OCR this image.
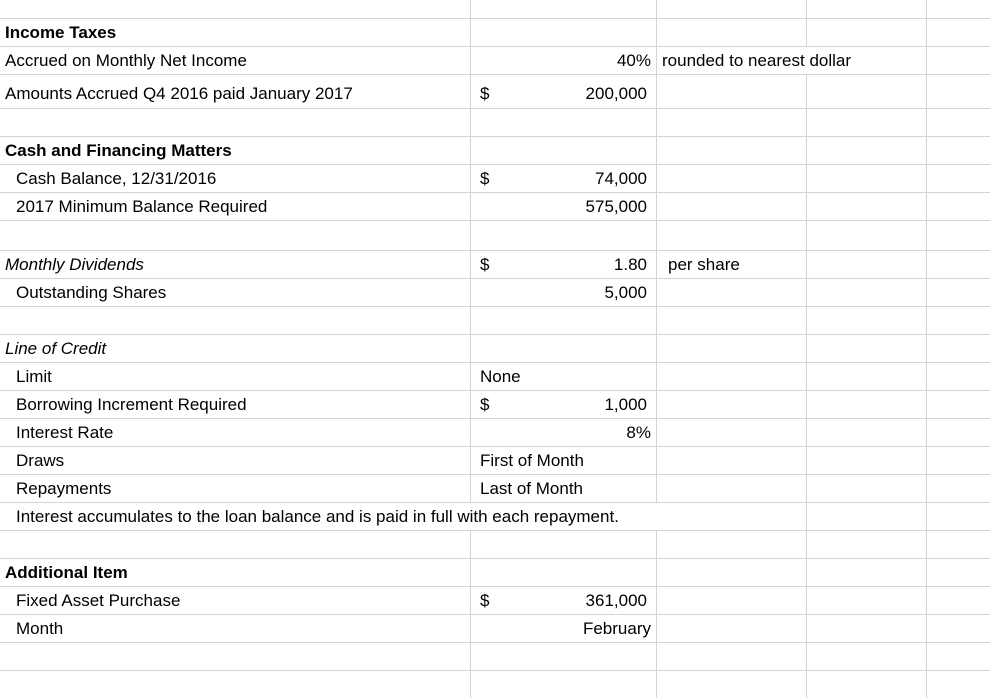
Income Taxes
Accrued on Monthly Net Income	40% rounded to nearest dollar
Amounts Accrued Q4 2016 paid January 2017	$	200,000
Cash and Financing Matters
Cash Balance, 12/31/2016	$	74,000
2017 Minimum Balance Required	575,000
Monthly Dividends	$	1.80 per share
Outstanding Shares	5,000
Line of Credit
Limit	None
Borrowing Increment Required	$	1,000
Interest Rate	8%
Draws	First of Month
Repayments	Last of Month
Interest accumulates to the loan balance and is paid in full with each repayment.
Additional Item
Fixed Asset Purchase	$	361,000
Month	February
